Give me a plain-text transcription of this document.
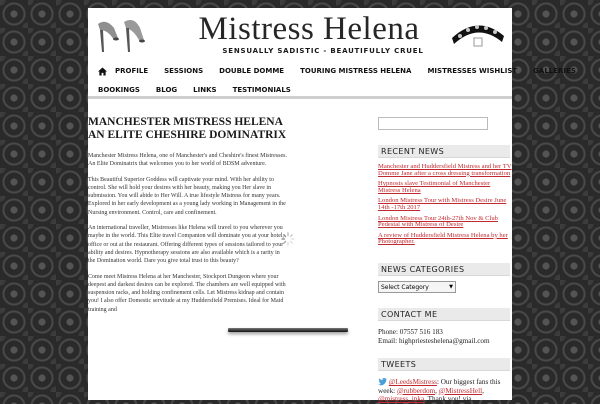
Mistress Helena
SENSUALLY SADISTIC - BEAUTIFULLY CRUEL
PROFILE SESSIONS DOUBLE DOMME TOURING MISTRESS HELENA MISTRESSES WISHLIST GALLERIES
BOOKINGS BLOG LINKS TESTIMONIALS
MANCHESTER MISTRESS HELENA AN ELITE CHESHIRE DOMINATRIX

Manchester Mistress Helena, one of Manchester's and Cheshire's finest Mistresses. An Elite Dominatrix that welcomes you to her world of BDSM adventure.

This Beautiful Superior Goddess will captivate your mind. With her ability to control. She will hold your desires with her beauty, making you Her slave in submission. You will abide to Her Will. A true lifestyle Mistress for many years. Explored in her early development as a young lady working in Management in the Nursing environment. Control, care and confinement.

An international traveller, Mistresses like Helena will travel to you wherever you maybe in the world. This Elite travel Companion will dominate you at your hotel, office or out at the restaurant. Offering different types of sessions tailored to your ability and desires. Hypnotherapy sessions are also available which is a rarity in the Domination world. Dare you give total trust to this beauty?

Come meet Mistress Helena at her Manchester, Stockport Dungeon where your deepest and darkest desires can be explored. The chambers are well equipped with suspension racks, and holding confinement cells. Let Mistress kidnap and contain you! I also offer Domestic servitude at my Huddersfield Premises. Ideal for Maid training and

RECENT NEWS
Manchester and Huddersfield Mistress and her TV Domme Jane after a cross dressing transformation
Hypnosis slave Testimonial of Manchester Mistress Helena
London Mistress Tour with Mistress Desire June 14th -17th 2017
London Mistress Tour 24th-27th Nov & Club Pedestal with Mistress of Desire
A review of Huddersfield Mistress Helena by her Photographer.
NEWS CATEGORIES
Select Category	▼
CONTACT ME
Phone: 07557 516 183
Email: highpriesteshelena@gmail.com
TWEETS
@LeedsMistress: Our biggest fans this week: @rubberdom, @MistressHell, @mistress_inka. Thank you! via
